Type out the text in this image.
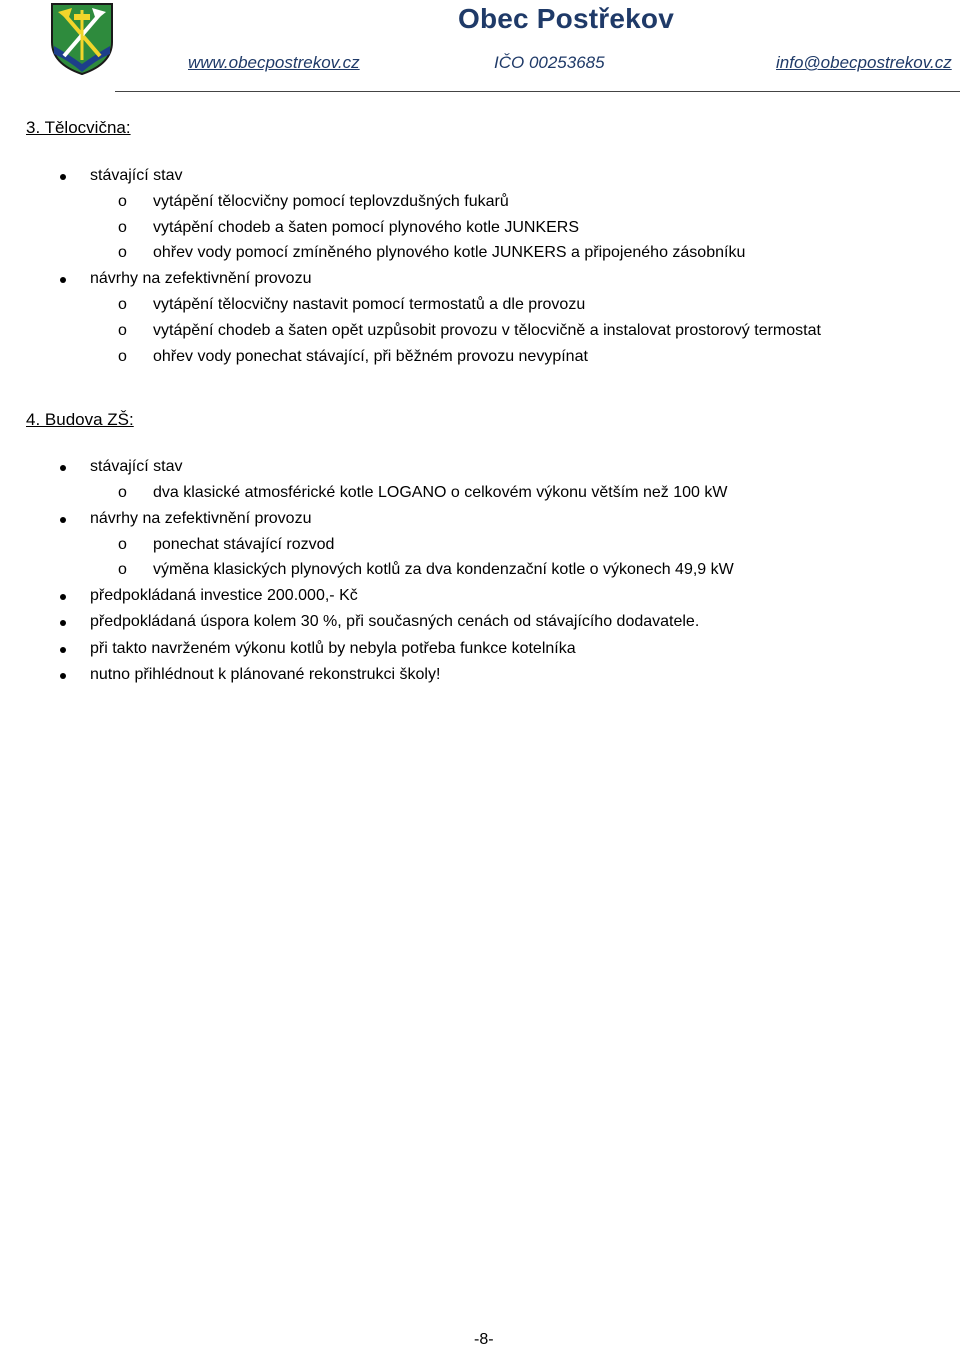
Obec Postřekov
www.obecpostrekov.cz	IČO 00253685	info@obecpostrekov.cz
3. Tělocvična:
stávající stav
o vytápění tělocvičny pomocí teplovzdušných fukarů
o vytápění chodeb a šaten pomocí plynového kotle JUNKERS
o ohřev vody pomocí zmíněného plynového kotle JUNKERS a připojeného zásobníku
návrhy na zefektivnění provozu
o vytápění tělocvičny nastavit pomocí termostatů a dle provozu
o vytápění chodeb a šaten opět uzpůsobit provozu v tělocvičně a instalovat prostorový termostat
o ohřev vody ponechat stávající, při běžném provozu nevypínat
4. Budova ZŠ:
stávající stav
o dva klasické atmosférické kotle LOGANO o celkovém výkonu větším než 100 kW
návrhy na zefektivnění provozu
o ponechat stávající rozvod
o výměna klasických plynových kotlů za dva kondenzační kotle o výkonech 49,9 kW
předpokládaná investice 200.000,- Kč
předpokládaná úspora kolem 30 %, při současných cenách od stávajícího dodavatele.
při takto navrženém výkonu kotlů by nebyla potřeba funkce kotelníka
nutno přihlédnout k plánované rekonstrukci školy!
-8-
